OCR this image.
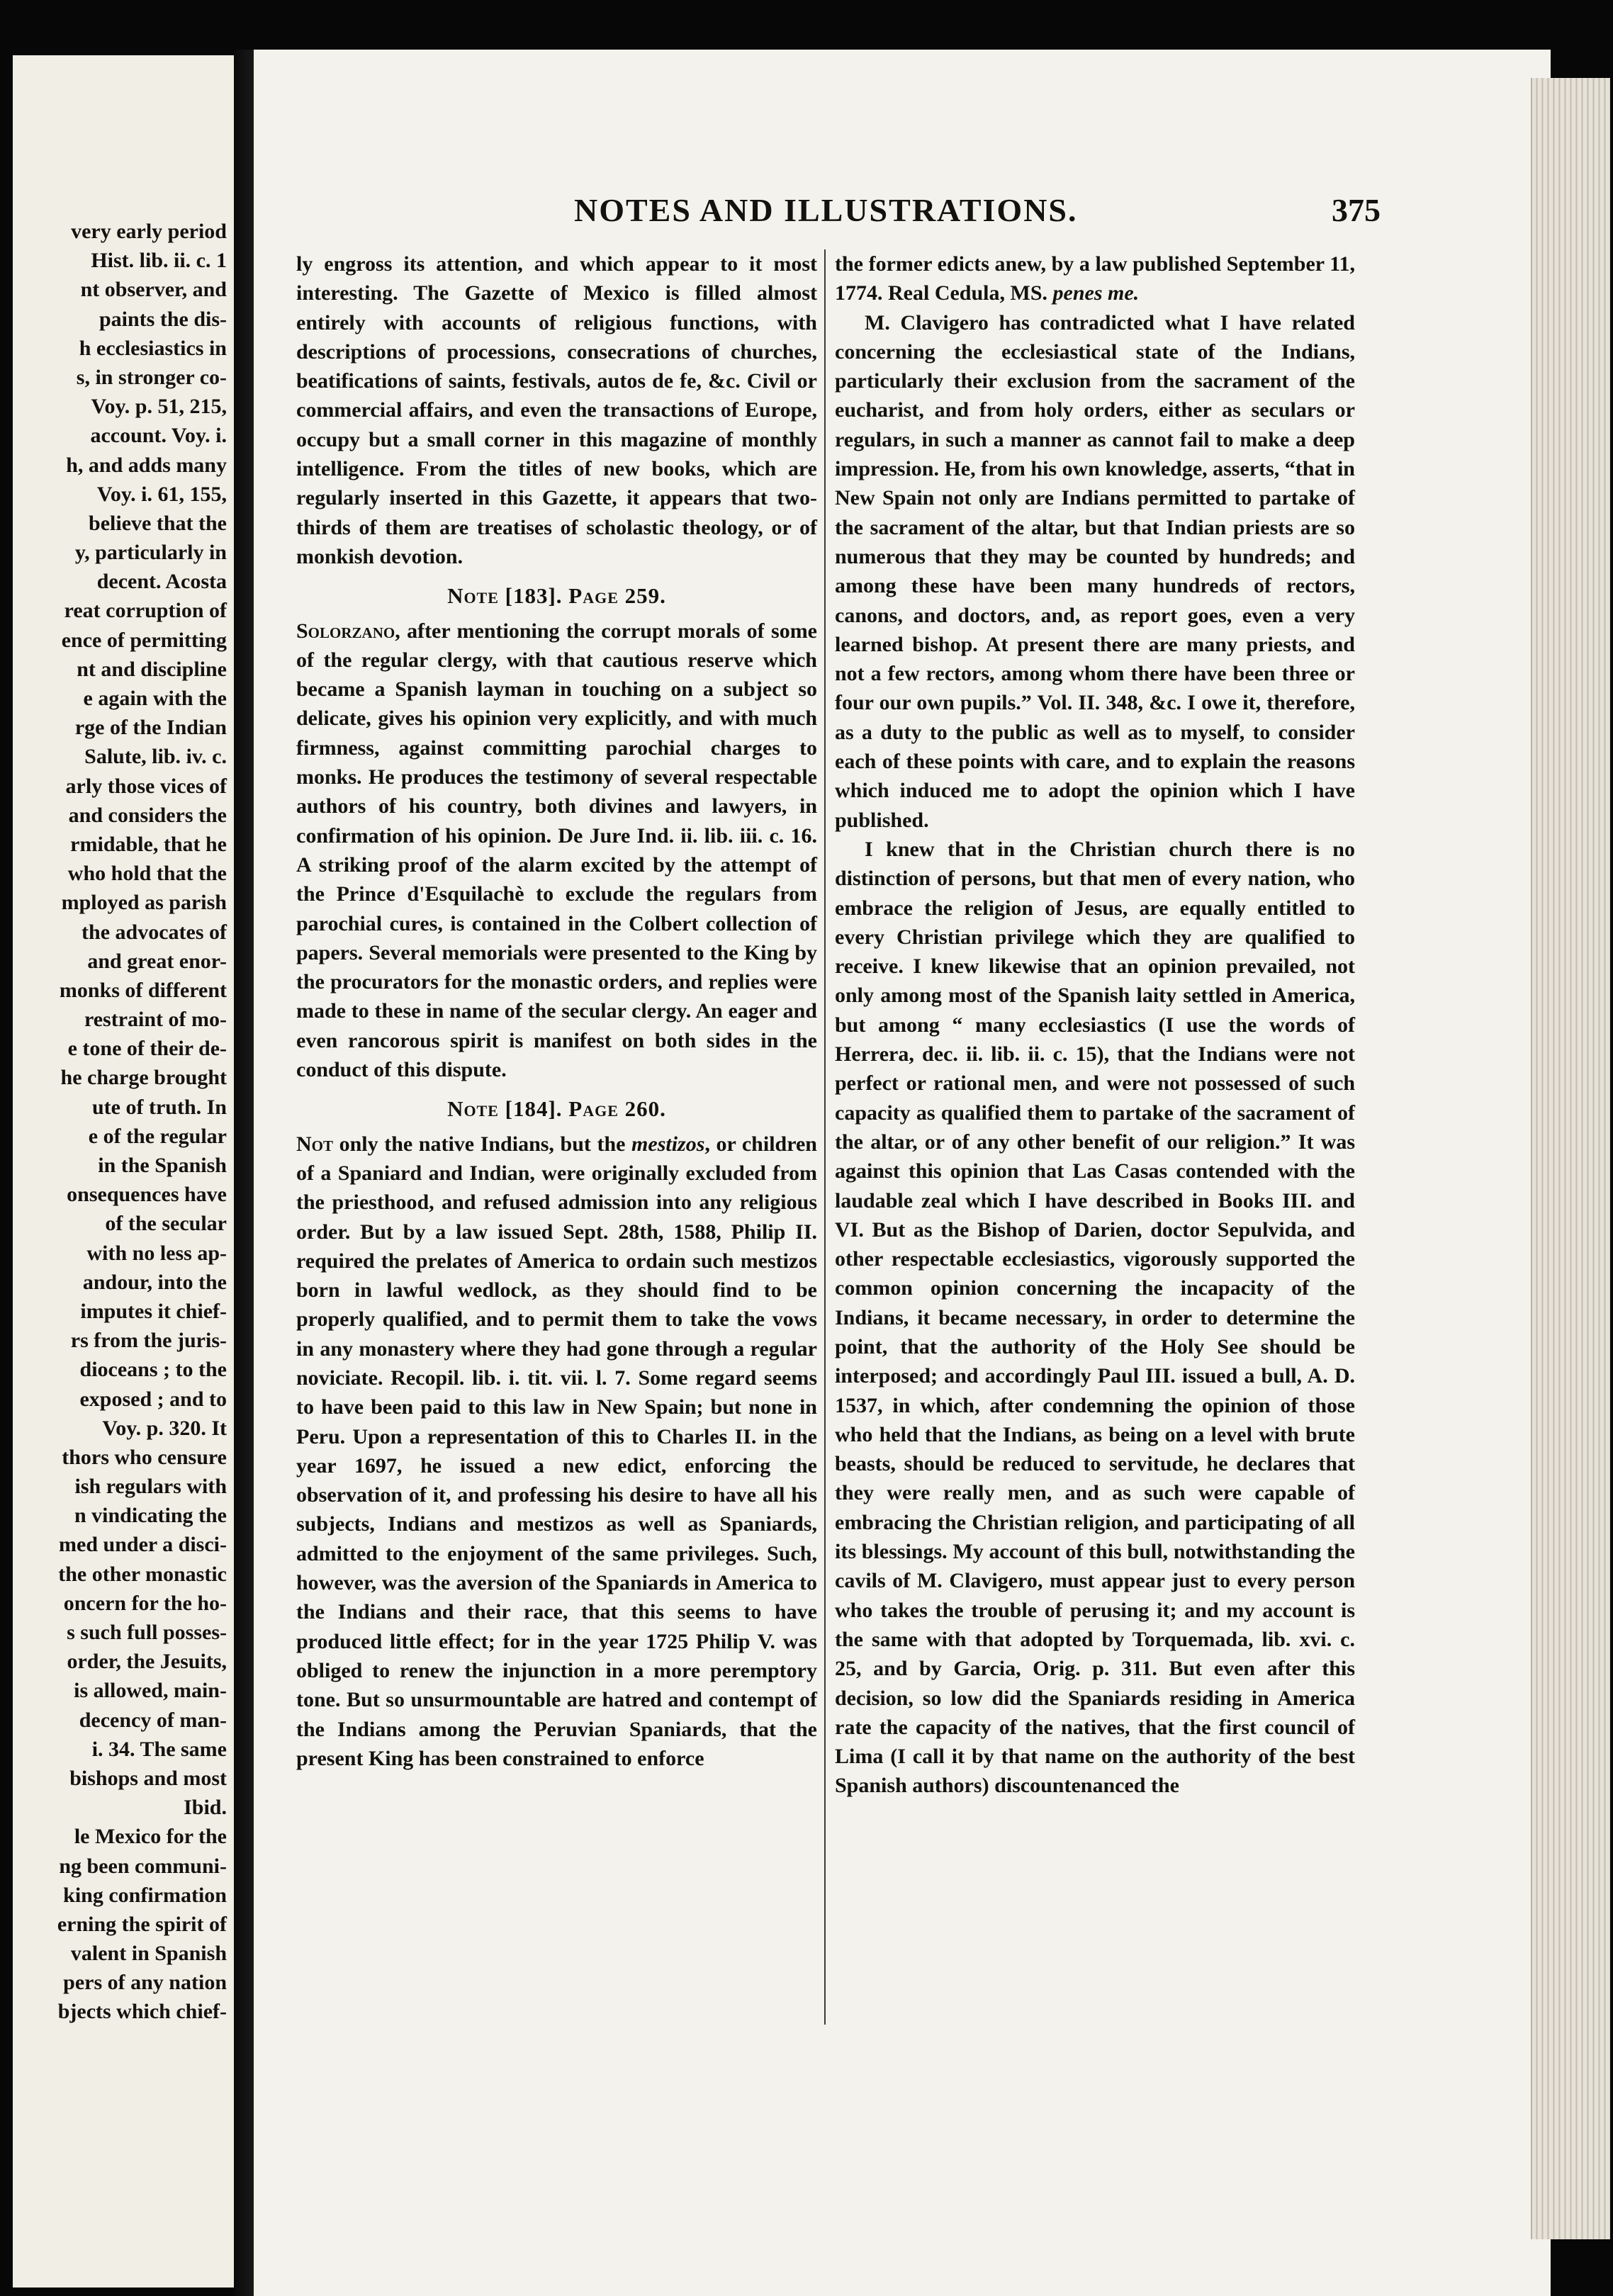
very early period
Hist. lib. ii. c. 1
nt observer, and
paints the dis-
h ecclesiastics in
s, in stronger co-
Voy. p. 51, 215,
account. Voy. i.
h, and adds many
Voy. i. 61, 155,
believe that the
y, particularly in
decent. Acosta
reat corruption of
ence of permitting
nt and discipline
e again with the
rge of the Indian
Salute, lib. iv. c.
arly those vices of
and considers the
rmidable, that he
who hold that the
mployed as parish
the advocates of
and great enor-
monks of different
restraint of mo-
e tone of their de-
he charge brought
ute of truth. In
e of the regular
in the Spanish
onsequences have
of the secular
with no less ap-
andour, into the
imputes it chief-
rs from the juris-
dioceans ; to the
exposed ; and to
Voy. p. 320. It
thors who censure
ish regulars with
n vindicating the
med under a disci-
the other monastic
oncern for the ho-
s such full posses-
order, the Jesuits,
is allowed, main-
decency of man-
i. 34. The same
bishops and most
Ibid.
le Mexico for the
ng been communi-
king confirmation
erning the spirit of
valent in Spanish
pers of any nation
bjects which chief-
NOTES AND ILLUSTRATIONS.	375

ly engross its attention, and which appear to it most interesting. The Gazette of Mexico is filled almost entirely with accounts of religious functions, with descriptions of processions, consecrations of churches, beatifications of saints, festivals, autos de fe, &c. Civil or commercial affairs, and even the transactions of Europe, occupy but a small corner in this magazine of monthly intelligence. From the titles of new books, which are regularly inserted in this Gazette, it appears that two-thirds of them are treatises of scholastic theology, or of monkish devotion.

Note [183]. Page 259.

Solorzano, after mentioning the corrupt morals of some of the regular clergy, with that cautious reserve which became a Spanish layman in touching on a subject so delicate, gives his opinion very explicitly, and with much firmness, against committing parochial charges to monks. He produces the testimony of several respectable authors of his country, both divines and lawyers, in confirmation of his opinion. De Jure Ind. ii. lib. iii. c. 16. A striking proof of the alarm excited by the attempt of the Prince d'Esquilachè to exclude the regulars from parochial cures, is contained in the Colbert collection of papers. Several memorials were presented to the King by the procurators for the monastic orders, and replies were made to these in name of the secular clergy. An eager and even rancorous spirit is manifest on both sides in the conduct of this dispute.

Note [184]. Page 260.

Not only the native Indians, but the mestizos, or children of a Spaniard and Indian, were originally excluded from the priesthood, and refused admission into any religious order. But by a law issued Sept. 28th, 1588, Philip II. required the prelates of America to ordain such mestizos born in lawful wedlock, as they should find to be properly qualified, and to permit them to take the vows in any monastery where they had gone through a regular noviciate. Recopil. lib. i. tit. vii. l. 7. Some regard seems to have been paid to this law in New Spain; but none in Peru. Upon a representation of this to Charles II. in the year 1697, he issued a new edict, enforcing the observation of it, and professing his desire to have all his subjects, Indians and mestizos as well as Spaniards, admitted to the enjoyment of the same privileges. Such, however, was the aversion of the Spaniards in America to the Indians and their race, that this seems to have produced little effect; for in the year 1725 Philip V. was obliged to renew the injunction in a more peremptory tone. But so unsurmountable are hatred and contempt of the Indians among the Peruvian Spaniards, that the present King has been constrained to enforce

the former edicts anew, by a law published September 11, 1774. Real Cedula, MS. penes me.

M. Clavigero has contradicted what I have related concerning the ecclesiastical state of the Indians, particularly their exclusion from the sacrament of the eucharist, and from holy orders, either as seculars or regulars, in such a manner as cannot fail to make a deep impression. He, from his own knowledge, asserts, “that in New Spain not only are Indians permitted to partake of the sacrament of the altar, but that Indian priests are so numerous that they may be counted by hundreds; and among these have been many hundreds of rectors, canons, and doctors, and, as report goes, even a very learned bishop. At present there are many priests, and not a few rectors, among whom there have been three or four our own pupils.” Vol. II. 348, &c. I owe it, therefore, as a duty to the public as well as to myself, to consider each of these points with care, and to explain the reasons which induced me to adopt the opinion which I have published.

I knew that in the Christian church there is no distinction of persons, but that men of every nation, who embrace the religion of Jesus, are equally entitled to every Christian privilege which they are qualified to receive. I knew likewise that an opinion prevailed, not only among most of the Spanish laity settled in America, but among “ many ecclesiastics (I use the words of Herrera, dec. ii. lib. ii. c. 15), that the Indians were not perfect or rational men, and were not possessed of such capacity as qualified them to partake of the sacrament of the altar, or of any other benefit of our religion.” It was against this opinion that Las Casas contended with the laudable zeal which I have described in Books III. and VI. But as the Bishop of Darien, doctor Sepulvida, and other respectable ecclesiastics, vigorously supported the common opinion concerning the incapacity of the Indians, it became necessary, in order to determine the point, that the authority of the Holy See should be interposed; and accordingly Paul III. issued a bull, A. D. 1537, in which, after condemning the opinion of those who held that the Indians, as being on a level with brute beasts, should be reduced to servitude, he declares that they were really men, and as such were capable of embracing the Christian religion, and participating of all its blessings. My account of this bull, notwithstanding the cavils of M. Clavigero, must appear just to every person who takes the trouble of perusing it; and my account is the same with that adopted by Torquemada, lib. xvi. c. 25, and by Garcia, Orig. p. 311. But even after this decision, so low did the Spaniards residing in America rate the capacity of the natives, that the first council of Lima (I call it by that name on the authority of the best Spanish authors) discountenanced the
